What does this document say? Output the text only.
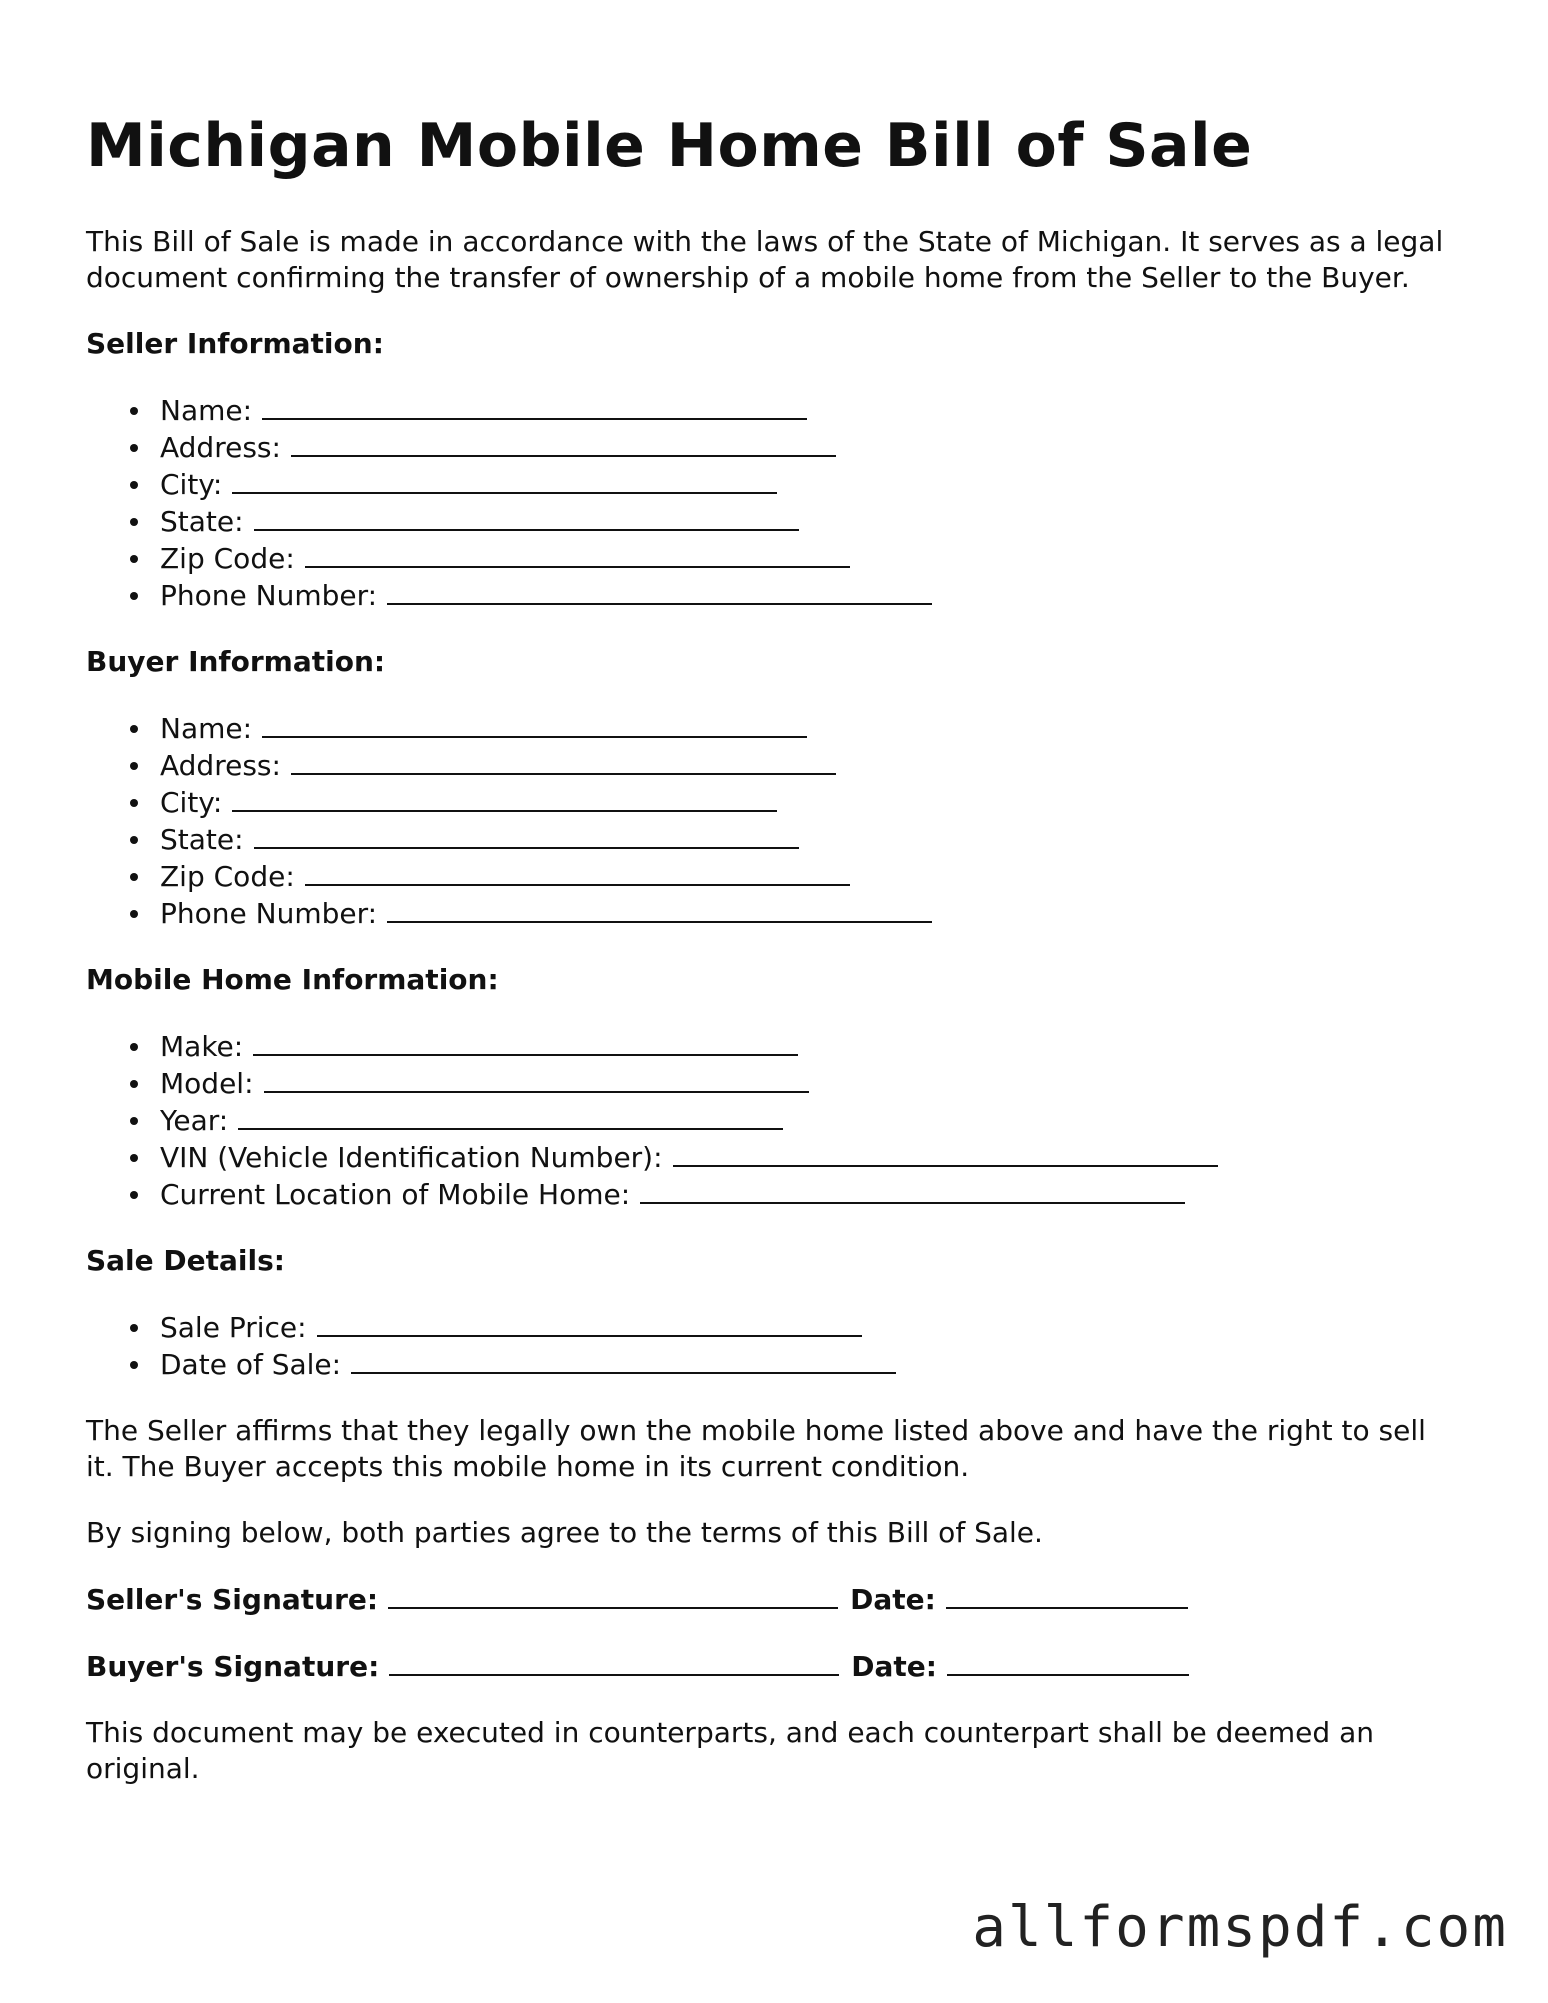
Michigan Mobile Home Bill of Sale

This Bill of Sale is made in accordance with the laws of the State of Michigan. It serves as a legal document confirming the transfer of ownership of a mobile home from the Seller to the Buyer.

Seller Information:
Name:
Address:
City:
State:
Zip Code:
Phone Number:
Buyer Information:
Name:
Address:
City:
State:
Zip Code:
Phone Number:
Mobile Home Information:
Make:
Model:
Year:
VIN (Vehicle Identification Number):
Current Location of Mobile Home:
Sale Details:
Sale Price:
Date of Sale:

The Seller affirms that they legally own the mobile home listed above and have the right to sell it. The Buyer accepts this mobile home in its current condition.

By signing below, both parties agree to the terms of this Bill of Sale.

Seller's Signature:	Date:
Buyer's Signature:	Date:

This document may be executed in counterparts, and each counterpart shall be deemed an original.

allformspdf.com
